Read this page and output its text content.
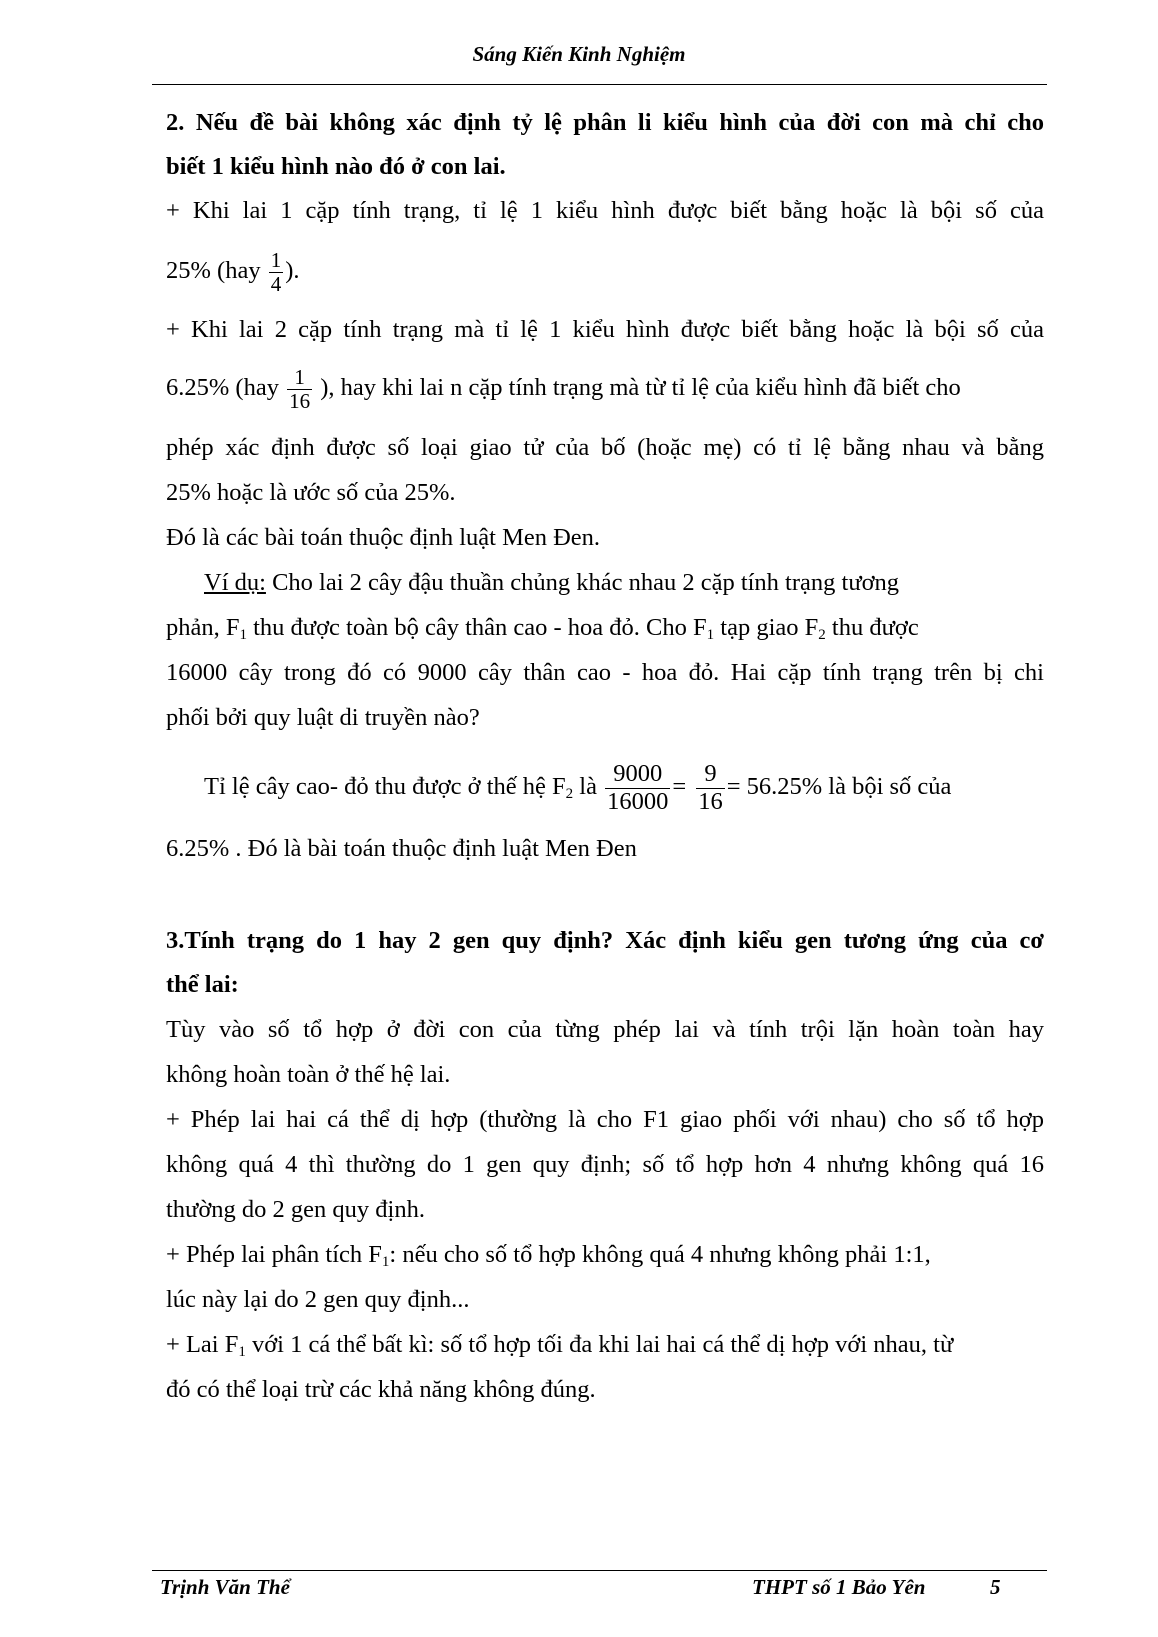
Sáng Kiến Kinh Nghiệm
2. Nếu đề bài không xác định tỷ lệ phân li kiểu hình của đời con mà chỉ cho
biết 1 kiểu hình nào đó ở con lai.
+ Khi lai 1 cặp tính trạng, tỉ lệ 1 kiểu hình được biết bằng hoặc là bội số của
25% ($hay \frac{1}{4}$ ).
+ Khi lai 2 cặp tính trạng mà tỉ lệ 1 kiểu hình được biết bằng hoặc là bội số của
6.25% ($hay \frac{1}{16}$ ), hay khi lai n cặp tính trạng mà từ tỉ lệ của kiểu hình đã biết cho
phép xác định được số loại giao tử của bố (hoặc mẹ) có tỉ lệ bằng nhau và bằng
25% hoặc là ước số của 25%.
Đó là các bài toán thuộc định luật Men Đen.
Ví dụ: Cho lai 2 cây đậu thuần chủng khác nhau 2 cặp tính trạng tương
phản, $F_1$ thu được toàn bộ cây thân cao - hoa đỏ. Cho $F_1$ tạp giao $F_2$ thu được
16000 cây trong đó có 9000 cây thân cao - hoa đỏ. Hai cặp tính trạng trên bị chi
phối bởi quy luật di truyền nào?
Tỉ lệ cây cao- đỏ thu được ở thế hệ $F_2$ là $\frac{9000}{16000} = \frac{9}{16} = 56.25\%$ là bội số của
6.25% . Đó là bài toán thuộc định luật Men Đen
3.Tính trạng do 1 hay 2 gen quy định? Xác định kiểu gen tương ứng của cơ
thể lai:
Tùy vào số tổ hợp ở đời con của từng phép lai và tính trội lặn hoàn toàn hay
không hoàn toàn ở thế hệ lai.
+ Phép lai hai cá thể dị hợp (thường là cho F1 giao phối với nhau) cho số tổ hợp
không quá 4 thì thường do 1 gen quy định; số tổ hợp hơn 4 nhưng không quá 16
thường do 2 gen quy định.
+ Phép lai phân tích $F_1$: nếu cho số tổ hợp không quá 4 nhưng không phải 1:1,
lúc này lại do 2 gen quy định...
+ Lai $F_1$ với 1 cá thể bất kì: số tổ hợp tối đa khi lai hai cá thể dị hợp với nhau, từ
đó có thể loại trừ các khả năng không đúng.
Trịnh Văn Thể	THPT số 1 Bảo Yên	5
